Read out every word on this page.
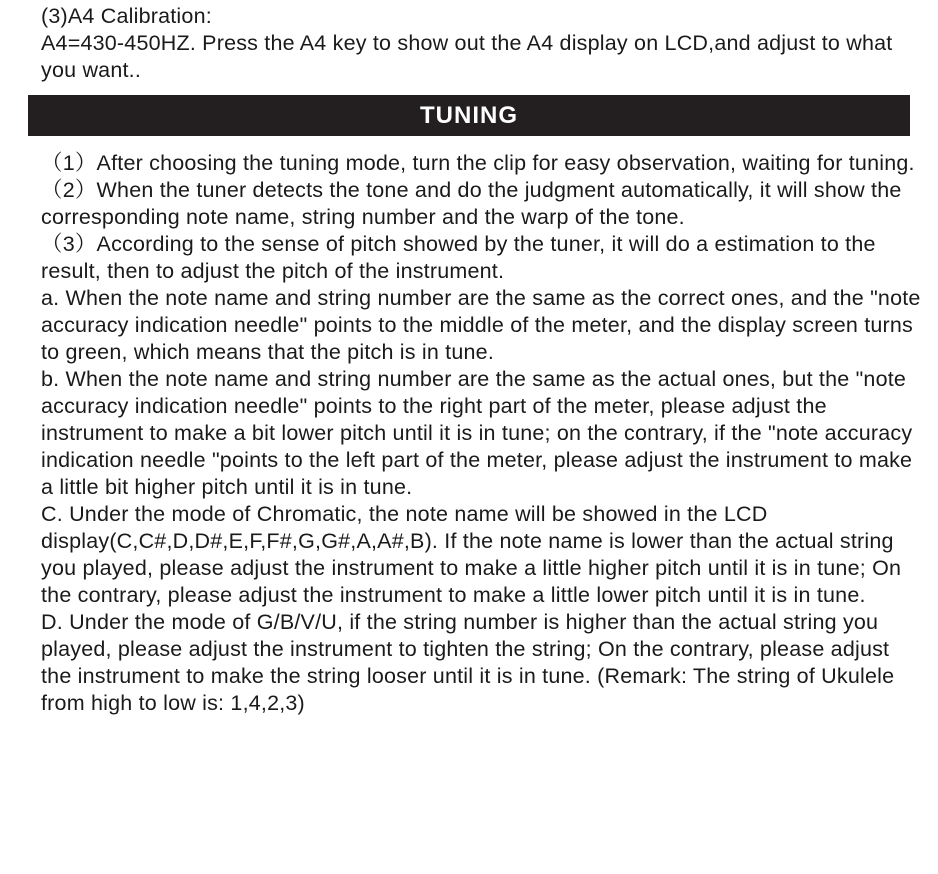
(3)A4 Calibration:

A4=430-450HZ. Press the A4 key to show out the A4 display on LCD,and adjust to what you want..

TUNING

（1）After choosing the tuning mode, turn the clip for easy observation, waiting for tuning.

（2）When the tuner detects the tone and do the judgment automatically, it will show the corresponding note name, string number and the warp of the tone.

（3）According to the sense of pitch showed by the tuner, it will do a estimation to the result, then to adjust the pitch of the instrument.

a. When the note name and string number are the same as the correct ones, and the "note accuracy indication needle" points to the middle of the meter, and the display screen turns to green, which means that the pitch is in tune.

b. When the note name and string number are the same as the actual ones, but the "note accuracy indication needle" points to the right part of the meter, please adjust the instrument to make a bit lower pitch until it is in tune; on the contrary, if the "note accuracy indication needle "points to the left part of the meter, please adjust the instrument to make a little bit higher pitch until it is in tune.

C. Under the mode of Chromatic, the note name will be showed in the LCD display(C,C#,D,D#,E,F,F#,G,G#,A,A#,B). If the note name is lower than the actual string you played, please adjust the instrument to make a little higher pitch until it is in tune; On the contrary, please adjust the instrument to make a little lower pitch until it is in tune.

D. Under the mode of G/B/V/U, if the string number is higher than the actual string you played, please adjust the instrument to tighten the string; On the contrary, please adjust the instrument to make the string looser until it is in tune. (Remark: The string of Ukulele from high to low is: 1,4,2,3)
